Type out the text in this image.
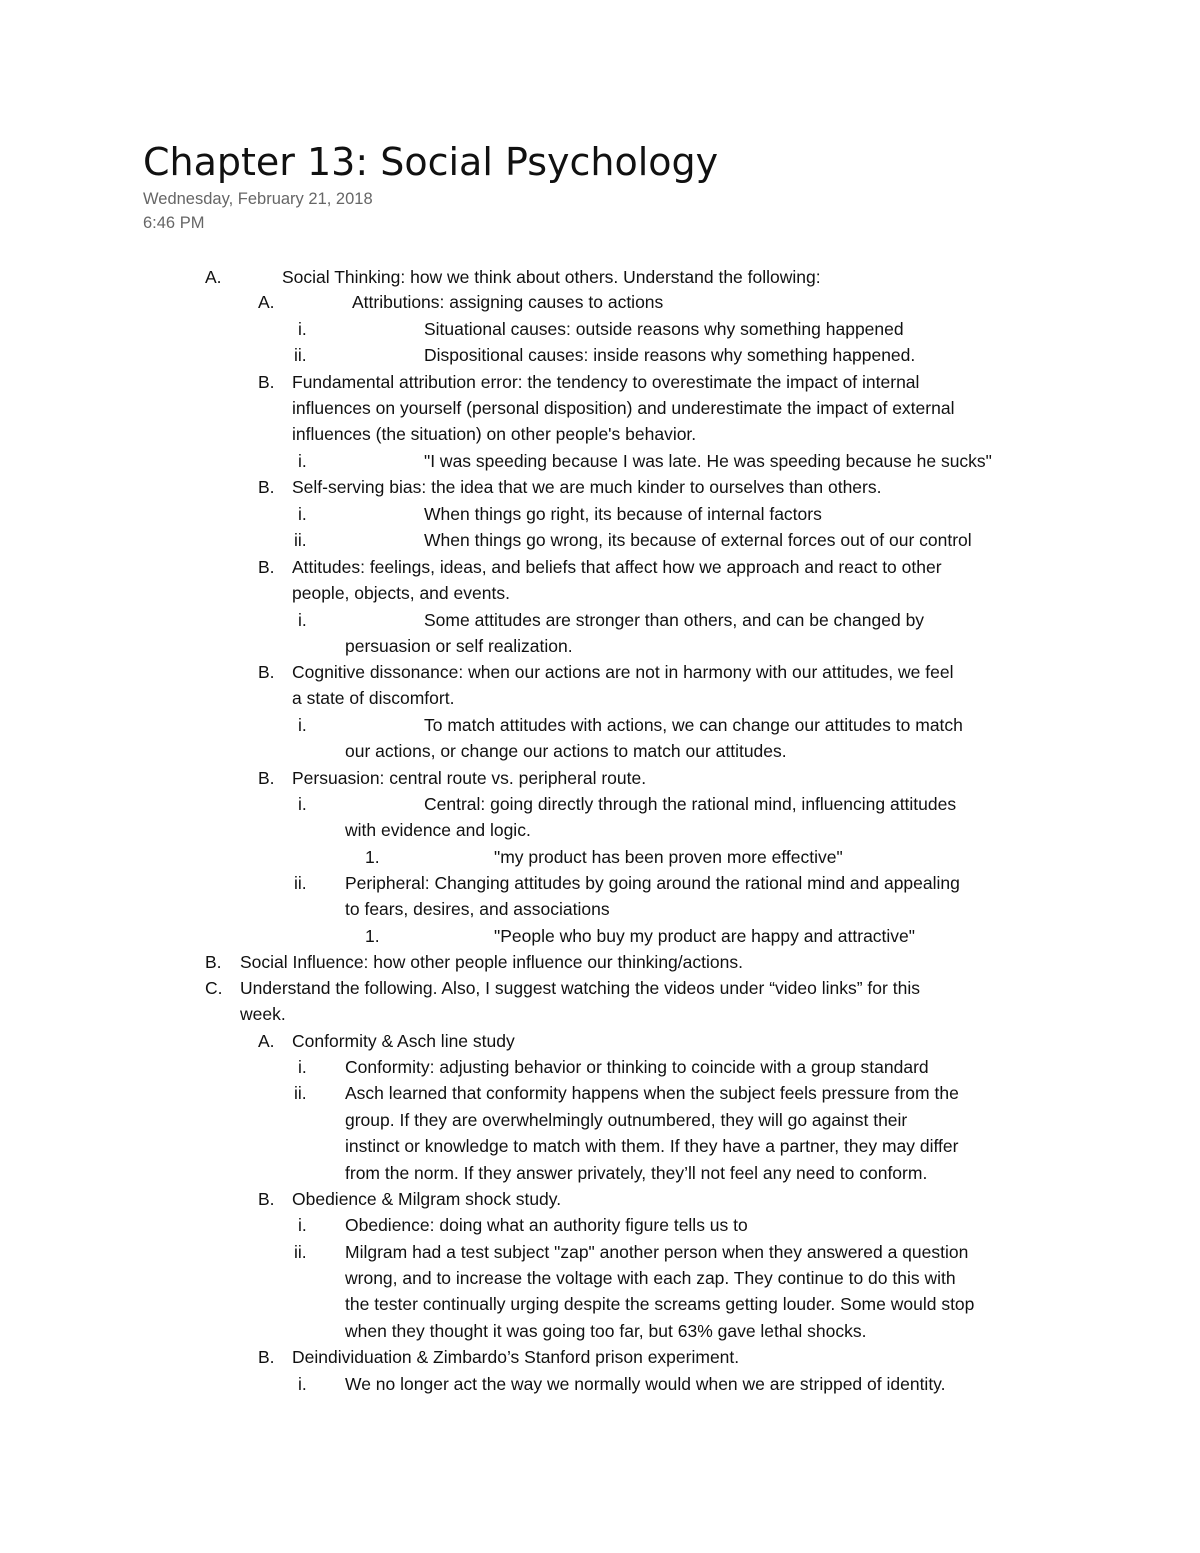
Chapter 13: Social Psychology
Wednesday, February 21, 2018
6:46 PM
A.	Social Thinking: how we think about others. Understand the following:
A.	Attributions: assigning causes to actions
i.	Situational causes: outside reasons why something happened
ii.	Dispositional causes: inside reasons why something happened.
B. Fundamental attribution error: the tendency to overestimate the impact of internal
influences on yourself (personal disposition) and underestimate the impact of external
influences (the situation) on other people's behavior.
i.	"I was speeding because I was late. He was speeding because he sucks"
B. Self-serving bias: the idea that we are much kinder to ourselves than others.
i.	When things go right, its because of internal factors
ii.	When things go wrong, its because of external forces out of our control
B. Attitudes: feelings, ideas, and beliefs that affect how we approach and react to other
people, objects, and events.
i.	Some attitudes are stronger than others, and can be changed by
persuasion or self realization.
B. Cognitive dissonance: when our actions are not in harmony with our attitudes, we feel
a state of discomfort.
i.	To match attitudes with actions, we can change our attitudes to match
our actions, or change our actions to match our attitudes.
B. Persuasion: central route vs. peripheral route.
i.	Central: going directly through the rational mind, influencing attitudes
with evidence and logic.
1.	"my product has been proven more effective"
ii. Peripheral: Changing attitudes by going around the rational mind and appealing
to fears, desires, and associations
1.	"People who buy my product are happy and attractive"
B. Social Influence: how other people influence our thinking/actions.
C. Understand the following. Also, I suggest watching the videos under “video links” for this
week.
A. Conformity & Asch line study
i. Conformity: adjusting behavior or thinking to coincide with a group standard
ii. Asch learned that conformity happens when the subject feels pressure from the
group. If they are overwhelmingly outnumbered, they will go against their
instinct or knowledge to match with them. If they have a partner, they may differ
from the norm. If they answer privately, they’ll not feel any need to conform.
B. Obedience & Milgram shock study.
i. Obedience: doing what an authority figure tells us to
ii. Milgram had a test subject "zap" another person when they answered a question
wrong, and to increase the voltage with each zap. They continue to do this with
the tester continually urging despite the screams getting louder. Some would stop
when they thought it was going too far, but 63% gave lethal shocks.
B. Deindividuation & Zimbardo’s Stanford prison experiment.
i. We no longer act the way we normally would when we are stripped of identity.
